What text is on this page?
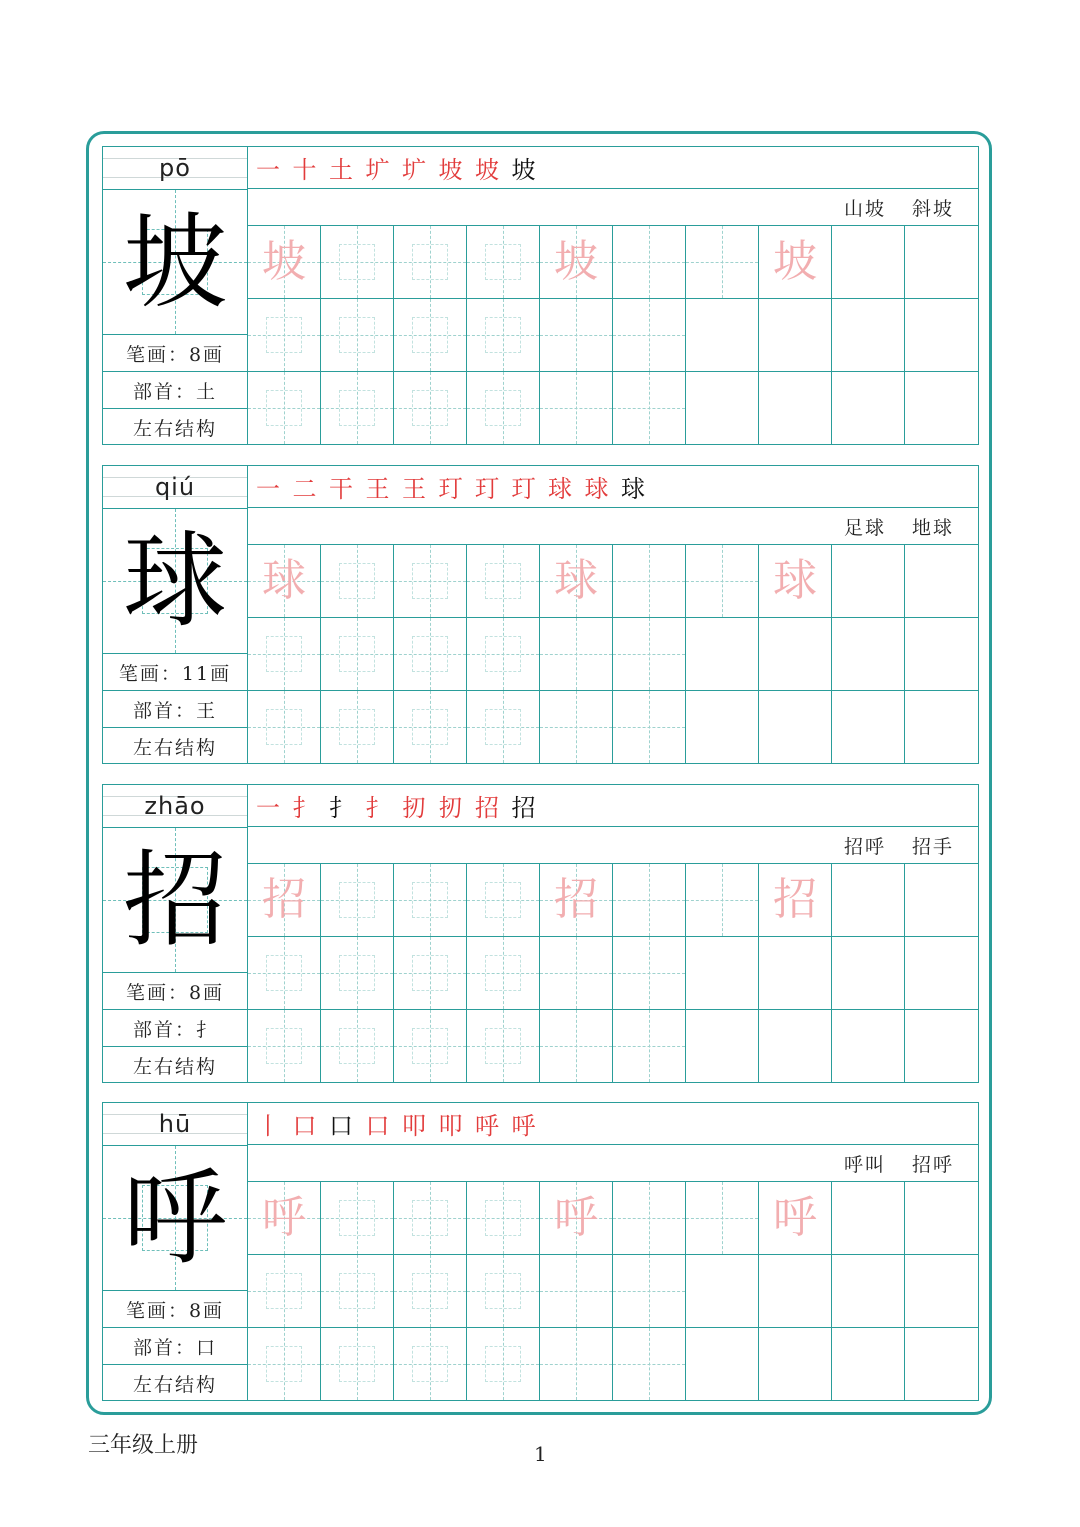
pō
坡
笔画：8画
部首：土
左右结构
一 十 土 圹 圹 坡 坡 坡
山坡 斜坡
坡	坡	坡
qiú
球
笔画：11画
部首：王
左右结构
一 二 干 王 王 玎 玎 玎 球 球 球
足球 地球
球	球	球
zhāo
招
笔画：8画
部首：扌
左右结构
一 扌 扌 扌 扨 扨 招 招
招呼 招手
招	招	招
hū
呼
笔画：8画
部首：口
左右结构
丨 口 口 口 叩 叩 呼 呼
呼叫 招呼
呼	呼	呼
三年级上册	1
